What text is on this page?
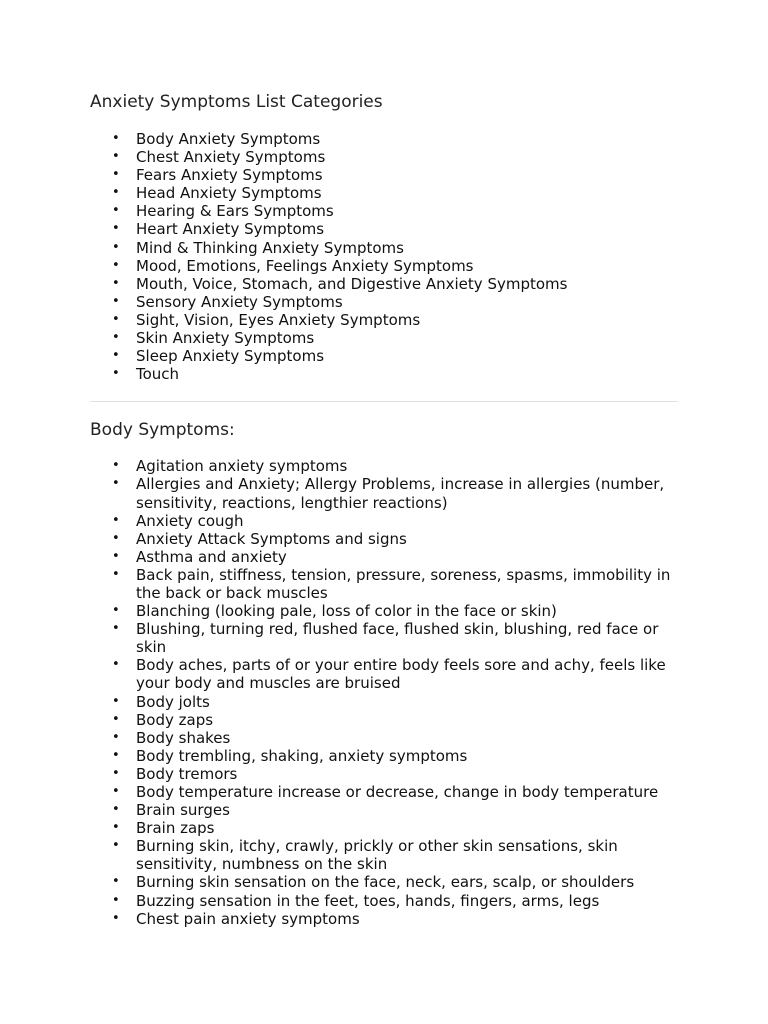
Anxiety Symptoms List Categories
• Body Anxiety Symptoms
• Chest Anxiety Symptoms
• Fears Anxiety Symptoms
• Head Anxiety Symptoms
• Hearing & Ears Symptoms
• Heart Anxiety Symptoms
• Mind & Thinking Anxiety Symptoms
• Mood, Emotions, Feelings Anxiety Symptoms
• Mouth, Voice, Stomach, and Digestive Anxiety Symptoms
• Sensory Anxiety Symptoms
• Sight, Vision, Eyes Anxiety Symptoms
• Skin Anxiety Symptoms
• Sleep Anxiety Symptoms
• Touch
Body Symptoms:
• Agitation anxiety symptoms
• Allergies and Anxiety; Allergy Problems, increase in allergies (number, sensitivity, reactions, lengthier reactions)
• Anxiety cough
• Anxiety Attack Symptoms and signs
• Asthma and anxiety
• Back pain, stiffness, tension, pressure, soreness, spasms, immobility in the back or back muscles
• Blanching (looking pale, loss of color in the face or skin)
• Blushing, turning red, flushed face, flushed skin, blushing, red face or skin
• Body aches, parts of or your entire body feels sore and achy, feels like your body and muscles are bruised
• Body jolts
• Body zaps
• Body shakes
• Body trembling, shaking, anxiety symptoms
• Body tremors
• Body temperature increase or decrease, change in body temperature
• Brain surges
• Brain zaps
• Burning skin, itchy, crawly, prickly or other skin sensations, skin sensitivity, numbness on the skin
• Burning skin sensation on the face, neck, ears, scalp, or shoulders
• Buzzing sensation in the feet, toes, hands, fingers, arms, legs
• Chest pain anxiety symptoms
